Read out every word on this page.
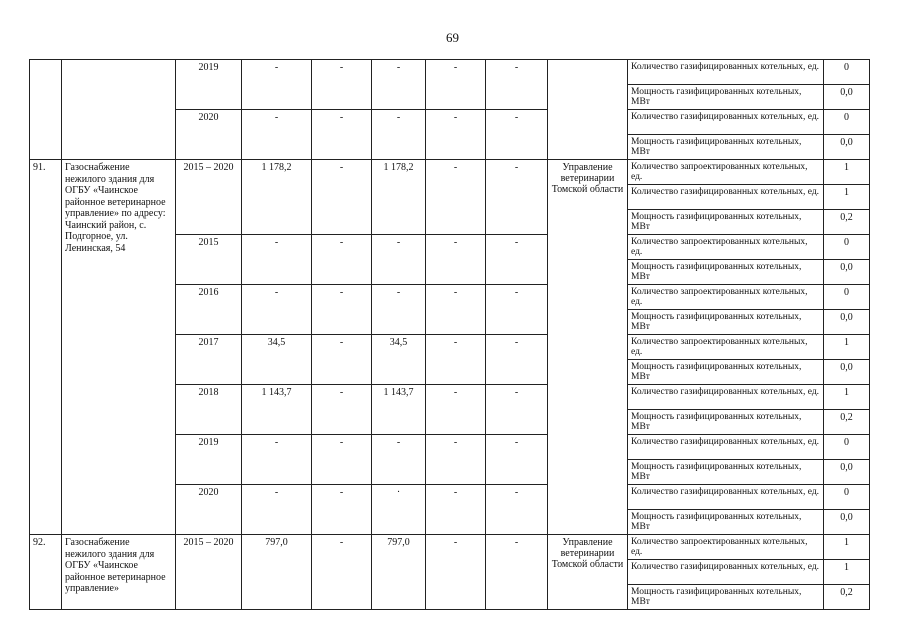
69
		2019	-	-	-	-	-		Количество газифицированных котельных, ед.	0
									Мощность газифицированных котельных, МВт	0,0
		2020	-	-	-	-	-		Количество газифицированных котельных, ед.	0
									Мощность газифицированных котельных, МВт	0,0
91.	Газоснабжение нежилого здания для ОГБУ «Чаинское районное ветеринарное управление» по адресу: Чаинский район, с. Подгорное, ул. Ленинская, 54	2015 – 2020	1 178,2	-	1 178,2	-	-	Управление ветеринарии Томской области	Количество запроектированных котельных, ед.	1
									Количество газифицированных котельных, ед.	1
									Мощность газифицированных котельных, МВт	0,2
		2015	-	-	-	-	-		Количество запроектированных котельных, ед.	0
									Мощность газифицированных котельных, МВт	0,0
		2016	-	-	-	-	-		Количество запроектированных котельных, ед.	0
									Мощность газифицированных котельных, МВт	0,0
		2017	34,5	-	34,5	-	-		Количество запроектированных котельных, ед.	1
									Мощность газифицированных котельных, МВт	0,0
		2018	1 143,7	-	1 143,7	-	-		Количество газифицированных котельных, ед.	1
									Мощность газифицированных котельных, МВт	0,2
		2019	-	-	-	-	-		Количество газифицированных котельных, ед.	0
									Мощность газифицированных котельных, МВт	0,0
		2020	-	-	·	-	-		Количество газифицированных котельных, ед.	0
									Мощность газифицированных котельных, МВт	0,0
92.	Газоснабжение нежилого здания для ОГБУ «Чаинское районное ветеринарное управление»	2015 – 2020	797,0	-	797,0	-	-	Управление ветеринарии Томской области	Количество запроектированных котельных, ед.	1
									Количество газифицированных котельных, ед.	1
									Мощность газифицированных котельных, МВт	0,2
